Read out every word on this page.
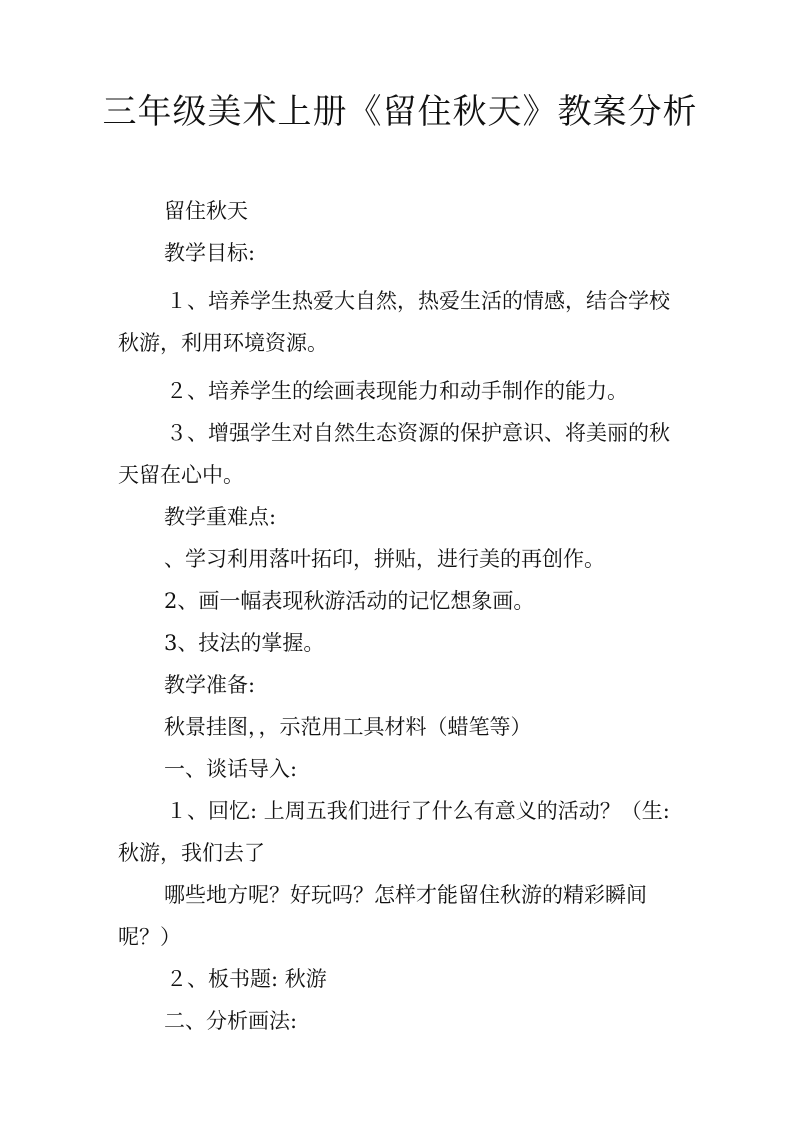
三年级美术上册《留住秋天》教案分析

留住秋天

教学目标:

１、培养学生热爱大自然，热爱生活的情感，结合学校

秋游，利用环境资源。

２、培养学生的绘画表现能力和动手制作的能力。

３、增强学生对自然生态资源的保护意识、将美丽的秋

天留在心中。

教学重难点:

、学习利用落叶拓印，拼贴，进行美的再创作。

2、画一幅表现秋游活动的记忆想象画。

3、技法的掌握。

教学准备:

秋景挂图，，示范用工具材料（蜡笔等）

一、谈话导入:

１、回忆: 上周五我们进行了什么有意义的活动？（生:

秋游，我们去了

哪些地方呢？好玩吗？怎样才能留住秋游的精彩瞬间

呢？）

２、板书题: 秋游

二、分析画法:
